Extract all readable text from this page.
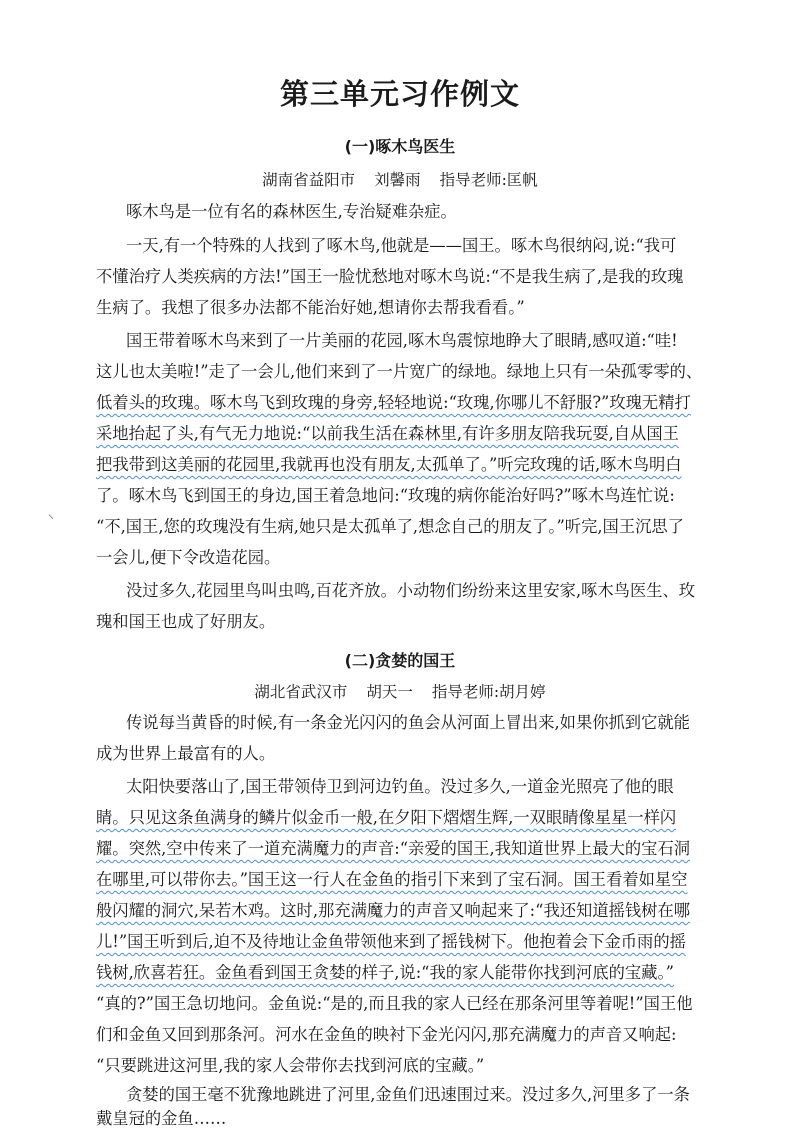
第三单元习作例文
⸌
(一)啄木鸟医生

湖南省益阳市 刘馨雨 指导老师:匡帆

啄木鸟是一位有名的森林医生,专治疑难杂症。

一天,有一个特殊的人找到了啄木鸟,他就是——国王。啄木鸟很纳闷,说:“我可

不懂治疗人类疾病的方法!”国王一脸忧愁地对啄木鸟说:“不是我生病了,是我的玫瑰

生病了。我想了很多办法都不能治好她,想请你去帮我看看。”

国王带着啄木鸟来到了一片美丽的花园,啄木鸟震惊地睁大了眼睛,感叹道:“哇!

这儿也太美啦!”走了一会儿,他们来到了一片宽广的绿地。绿地上只有一朵孤零零的、

低着头的玫瑰。啄木鸟飞到玫瑰的身旁,轻轻地说:“玫瑰,你哪儿不舒服?”玫瑰无精打

采地抬起了头,有气无力地说:“以前我生活在森林里,有许多朋友陪我玩耍,自从国王

把我带到这美丽的花园里,我就再也没有朋友,太孤单了。”听完玫瑰的话,啄木鸟明白

了。啄木鸟飞到国王的身边,国王着急地问:“玫瑰的病你能治好吗?”啄木鸟连忙说:

“不,国王,您的玫瑰没有生病,她只是太孤单了,想念自己的朋友了。”听完,国王沉思了

一会儿,便下令改造花园。

没过多久,花园里鸟叫虫鸣,百花齐放。小动物们纷纷来这里安家,啄木鸟医生、玫

瑰和国王也成了好朋友。

(二)贪婪的国王

湖北省武汉市 胡天一 指导老师:胡月婷

传说每当黄昏的时候,有一条金光闪闪的鱼会从河面上冒出来,如果你抓到它就能

成为世界上最富有的人。

太阳快要落山了,国王带领侍卫到河边钓鱼。没过多久,一道金光照亮了他的眼

睛。只见这条鱼满身的鳞片似金币一般,在夕阳下熠熠生辉,一双眼睛像星星一样闪

耀。突然,空中传来了一道充满魔力的声音:“亲爱的国王,我知道世界上最大的宝石洞

在哪里,可以带你去。”国王这一行人在金鱼的指引下来到了宝石洞。国王看着如星空

般闪耀的洞穴,呆若木鸡。这时,那充满魔力的声音又响起来了:“我还知道摇钱树在哪

儿!”国王听到后,迫不及待地让金鱼带领他来到了摇钱树下。他抱着会下金币雨的摇

钱树,欣喜若狂。金鱼看到国王贪婪的样子,说:“我的家人能带你找到河底的宝藏。”

“真的?”国王急切地问。金鱼说:“是的,而且我的家人已经在那条河里等着呢!”国王他

们和金鱼又回到那条河。河水在金鱼的映衬下金光闪闪,那充满魔力的声音又响起:

“只要跳进这河里,我的家人会带你去找到河底的宝藏。”

贪婪的国王毫不犹豫地跳进了河里,金鱼们迅速围过来。没过多久,河里多了一条

戴皇冠的金鱼……
